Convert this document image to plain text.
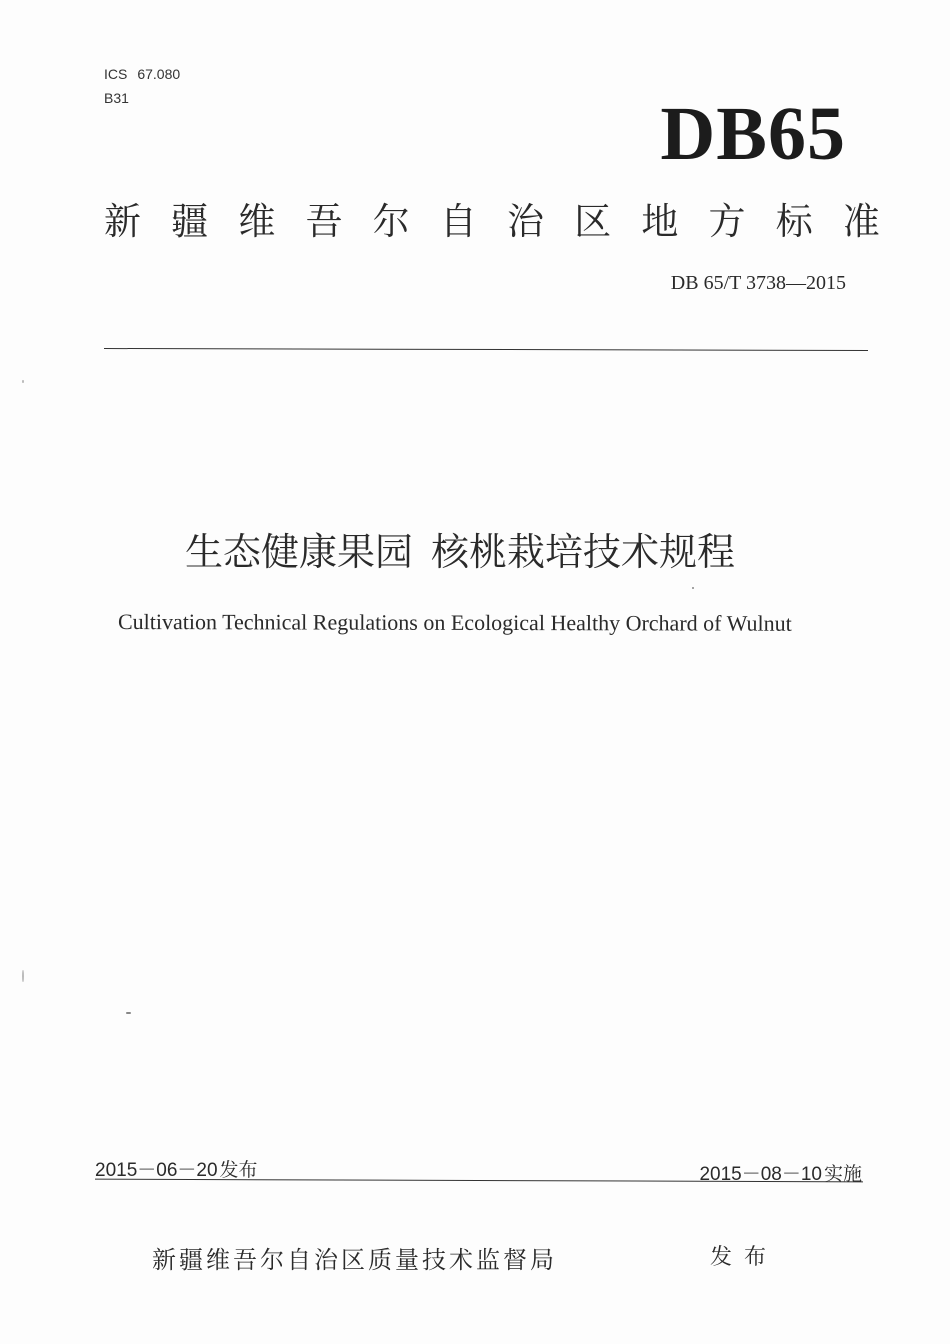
ICS 67.080
B31	DB65
新 疆 维 吾 尔 自 治 区 地 方 标 准
DB 65/T 3738—2015
生态健康果园 核桃栽培技术规程
Cultivation Technical Regulations on Ecological Healthy Orchard of Wulnut
2015－06－20 发布	2015－08－10 实施
新疆维吾尔自治区质量技术监督局	发布
